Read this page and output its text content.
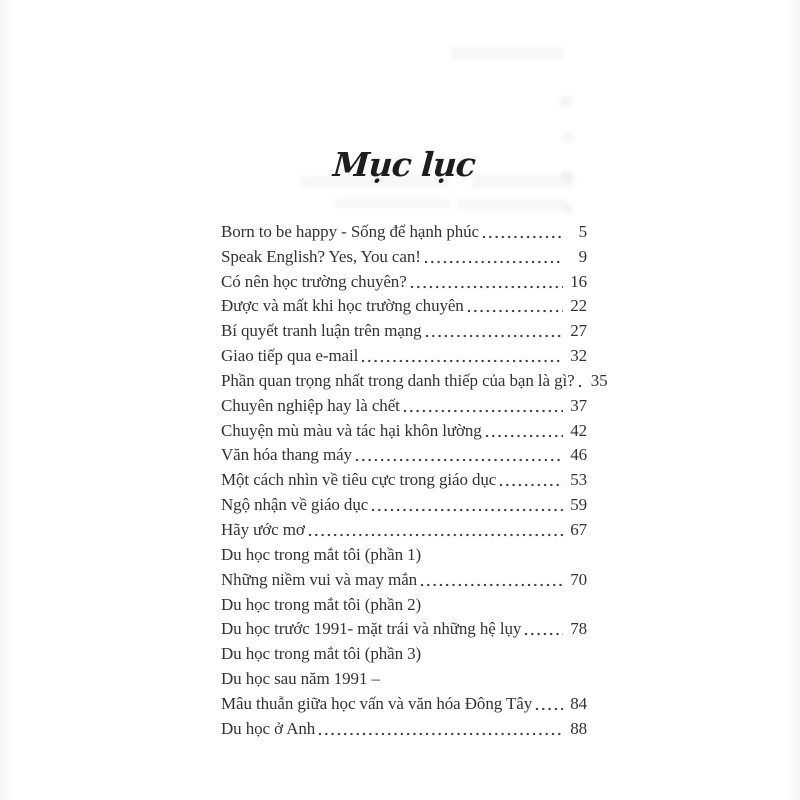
Mục lục
Born to be happy - Sống để hạnh phúc	5
Speak English? Yes, You can!	9
Có nên học trường chuyên?	16
Được và mất khi học trường chuyên	22
Bí quyết tranh luận trên mạng	27
Giao tiếp qua e-mail	32
Phần quan trọng nhất trong danh thiếp của bạn là gì? 35
Chuyên nghiệp hay là chết	37
Chuyện mù màu và tác hại khôn lường	42
Văn hóa thang máy	46
Một cách nhìn về tiêu cực trong giáo dục	53
Ngộ nhận về giáo dục	59
Hãy ước mơ	67
Du học trong mắt tôi (phần 1)
Những niềm vui và may mắn	70
Du học trong mắt tôi (phần 2)
Du học trước 1991- mặt trái và những hệ lụy	78
Du học trong mắt tôi (phần 3)
Du học sau năm 1991 –
Mâu thuẫn giữa học vấn và văn hóa Đông Tây	84
Du học ở Anh	88
